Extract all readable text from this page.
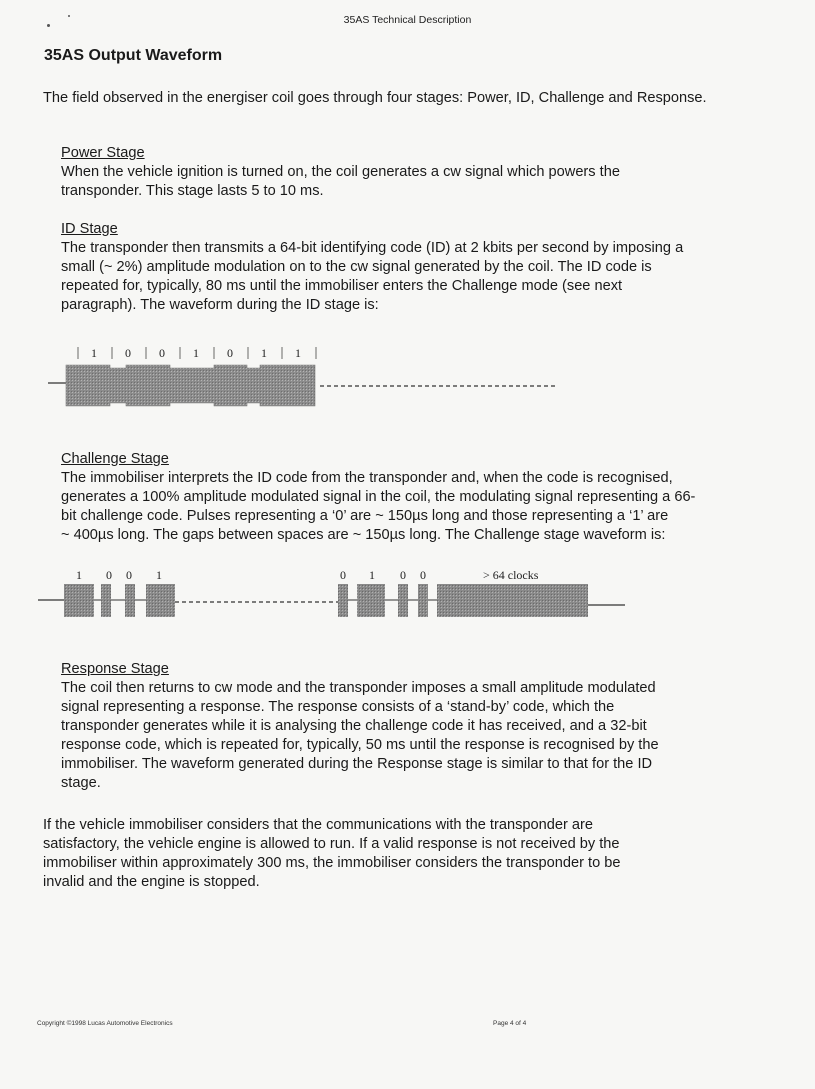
35AS Technical Description
35AS Output Waveform
The field observed in the energiser coil goes through four stages: Power, ID, Challenge and Response.
Power Stage
When the vehicle ignition is turned on, the coil generates a cw signal which powers the
transponder. This stage lasts 5 to 10 ms.
ID Stage
The transponder then transmits a 64-bit identifying code (ID) at 2 kbits per second by imposing a
small (~ 2%) amplitude modulation on to the cw signal generated by the coil. The ID code is
repeated for, typically, 80 ms until the immobiliser enters the Challenge mode (see next
paragraph). The waveform during the ID stage is:
1 0 0 1 0 1 1
Challenge Stage
The immobiliser interprets the ID code from the transponder and, when the code is recognised,
generates a 100% amplitude modulated signal in the coil, the modulating signal representing a 66-
bit challenge code. Pulses representing a ‘0’ are ~ 150µs long and those representing a ‘1’ are
~ 400µs long. The gaps between spaces are ~ 150µs long. The Challenge stage waveform is:
1 0 0 1	0 1 0 0	> 64 clocks
Response Stage
The coil then returns to cw mode and the transponder imposes a small amplitude modulated
signal representing a response. The response consists of a ‘stand-by’ code, which the
transponder generates while it is analysing the challenge code it has received, and a 32-bit
response code, which is repeated for, typically, 50 ms until the response is recognised by the
immobiliser. The waveform generated during the Response stage is similar to that for the ID
stage.
If the vehicle immobiliser considers that the communications with the transponder are
satisfactory, the vehicle engine is allowed to run. If a valid response is not received by the
immobiliser within approximately 300 ms, the immobiliser considers the transponder to be
invalid and the engine is stopped.
Copyright ©1998 Lucas Automotive Electronics	Page 4 of 4
